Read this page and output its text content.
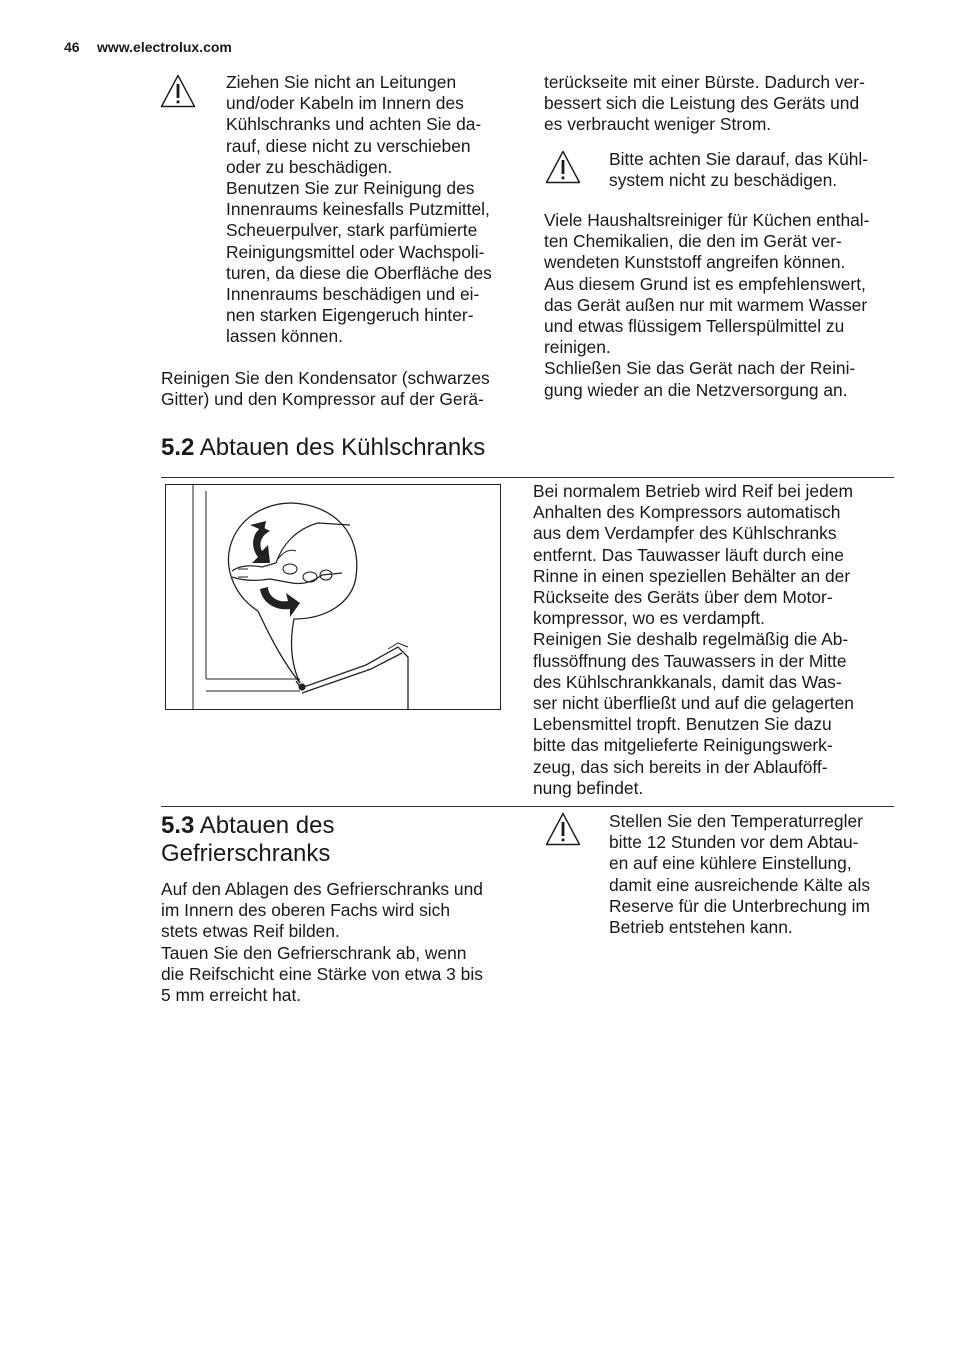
46 www.electrolux.com
Ziehen Sie nicht an Leitungen
und/oder Kabeln im Innern des
Kühlschranks und achten Sie da-
rauf, diese nicht zu verschieben
oder zu beschädigen.
Benutzen Sie zur Reinigung des
Innenraums keinesfalls Putzmittel,
Scheuerpulver, stark parfümierte
Reinigungsmittel oder Wachspoli-
turen, da diese die Oberfläche des
Innenraums beschädigen und ei-
nen starken Eigengeruch hinter-
lassen können.
Reinigen Sie den Kondensator (schwarzes
Gitter) und den Kompressor auf der Gerä-
terückseite mit einer Bürste. Dadurch ver-
bessert sich die Leistung des Geräts und
es verbraucht weniger Strom.
Bitte achten Sie darauf, das Kühl-
system nicht zu beschädigen.
Viele Haushaltsreiniger für Küchen enthal-
ten Chemikalien, die den im Gerät ver-
wendeten Kunststoff angreifen können.
Aus diesem Grund ist es empfehlenswert,
das Gerät außen nur mit warmem Wasser
und etwas flüssigem Tellerspülmittel zu
reinigen.
Schließen Sie das Gerät nach der Reini-
gung wieder an die Netzversorgung an.
5.2 Abtauen des Kühlschranks
Bei normalem Betrieb wird Reif bei jedem
Anhalten des Kompressors automatisch
aus dem Verdampfer des Kühlschranks
entfernt. Das Tauwasser läuft durch eine
Rinne in einen speziellen Behälter an der
Rückseite des Geräts über dem Motor-
kompressor, wo es verdampft.
Reinigen Sie deshalb regelmäßig die Ab-
flussöffnung des Tauwassers in der Mitte
des Kühlschrankkanals, damit das Was-
ser nicht überfließt und auf die gelagerten
Lebensmittel tropft. Benutzen Sie dazu
bitte das mitgelieferte Reinigungswerk-
zeug, das sich bereits in der Ablauföff-
nung befindet.
5.3 Abtauen des
Gefrierschranks
Auf den Ablagen des Gefrierschranks und
im Innern des oberen Fachs wird sich
stets etwas Reif bilden.
Tauen Sie den Gefrierschrank ab, wenn
die Reifschicht eine Stärke von etwa 3 bis
5 mm erreicht hat.
Stellen Sie den Temperaturregler
bitte 12 Stunden vor dem Abtau-
en auf eine kühlere Einstellung,
damit eine ausreichende Kälte als
Reserve für die Unterbrechung im
Betrieb entstehen kann.
